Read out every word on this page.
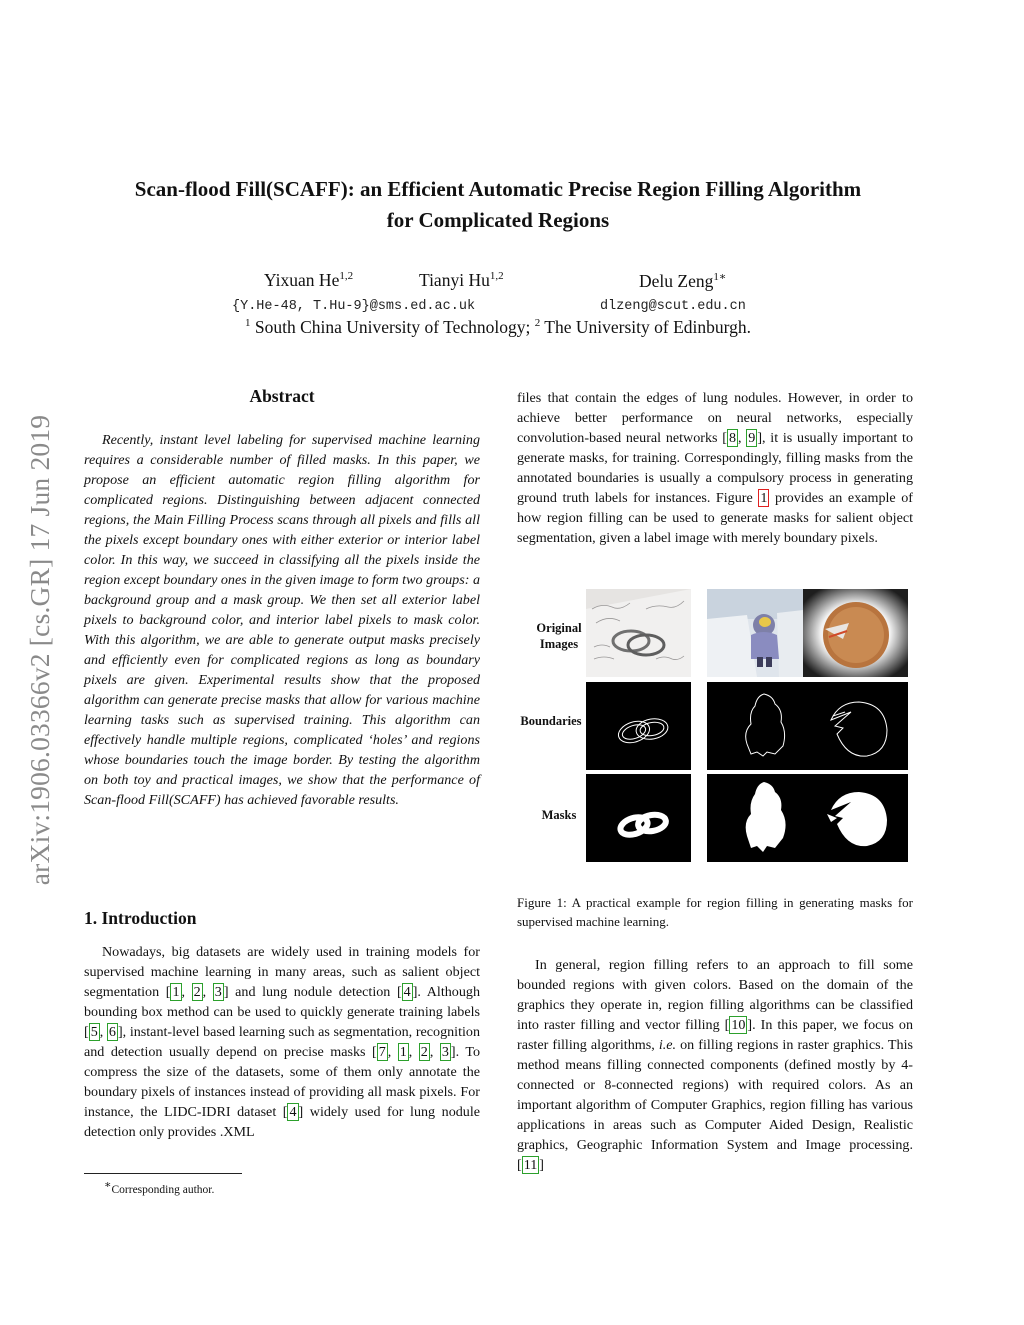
arXiv:1906.03366v2 [cs.GR] 17 Jun 2019
Scan-flood Fill(SCAFF): an Efficient Automatic Precise Region Filling Algorithm
for Complicated Regions
Yixuan He$^{1,2}$	Tianyi Hu$^{1,2}$	Delu Zeng$^{1∗}$
{Y.He-48, T.Hu-9}@sms.ed.ac.uk	dlzeng@scut.edu.cn
$^1$ South China University of Technology; $^2$ The University of Edinburgh.
Abstract

Recently, instant level labeling for supervised machine learning requires a considerable number of filled masks. In this paper, we propose an efficient automatic region filling algorithm for complicated regions. Distinguishing between adjacent connected regions, the Main Filling Process scans through all pixels and fills all the pixels except boundary ones with either exterior or interior label color. In this way, we succeed in classifying all the pixels inside the region except boundary ones in the given image to form two groups: a background group and a mask group. We then set all exterior label pixels to background color, and interior label pixels to mask color. With this algorithm, we are able to generate output masks precisely and efficiently even for complicated regions as long as boundary pixels are given. Experimental results show that the proposed algorithm can generate precise masks that allow for various machine learning tasks such as supervised training. This algorithm can effectively handle multiple regions, complicated ‘holes’ and regions whose boundaries touch the image border. By testing the algorithm on both toy and practical images, we show that the performance of Scan-flood Fill(SCAFF) has achieved favorable results.

1. Introduction

Nowadays, big datasets are widely used in training models for supervised machine learning in many areas, such as salient object segmentation [ 1 , 2 , 3 ] and lung nodule detection [ 4 ]. Although bounding box method can be used to quickly generate training labels [ 5 , 6 ], instant-level based learning such as segmentation, recognition and detection usually depend on precise masks [ 7 , 1 , 2 , 3 ]. To compress the size of the datasets, some of them only annotate the boundary pixels of instances instead of providing all mask pixels. For instance, the LIDC-IDRI dataset [ 4 ] widely used for lung nodule detection only provides .XML

∗Corresponding author.

files that contain the edges of lung nodules. However, in order to achieve better performance on neural networks, especially convolution-based neural networks [ 8 , 9 ], it is usually important to generate masks, for training. Correspondingly, filling masks from the annotated boundaries is usually a compulsory process in generating ground truth labels for instances. Figure 1 provides an example of how region filling can be used to generate masks for salient object segmentation, given a label image with merely boundary pixels.

Original
Images
Boundaries
Masks
Figure 1: A practical example for region filling in generating masks for supervised machine learning.

In general, region filling refers to an approach to fill some bounded regions with given colors. Based on the domain of the graphics they operate in, region filling algorithms can be classified into raster filling and vector filling [ 10 ]. In this paper, we focus on raster filling algorithms, i.e. on filling regions in raster graphics. This method means filling connected components (defined mostly by 4-connected or 8-connected regions) with required colors. As an important algorithm of Computer Graphics, region filling has various applications in areas such as Computer Aided Design, Realistic graphics, Geographic Information System and Image processing. [ 11 ]
